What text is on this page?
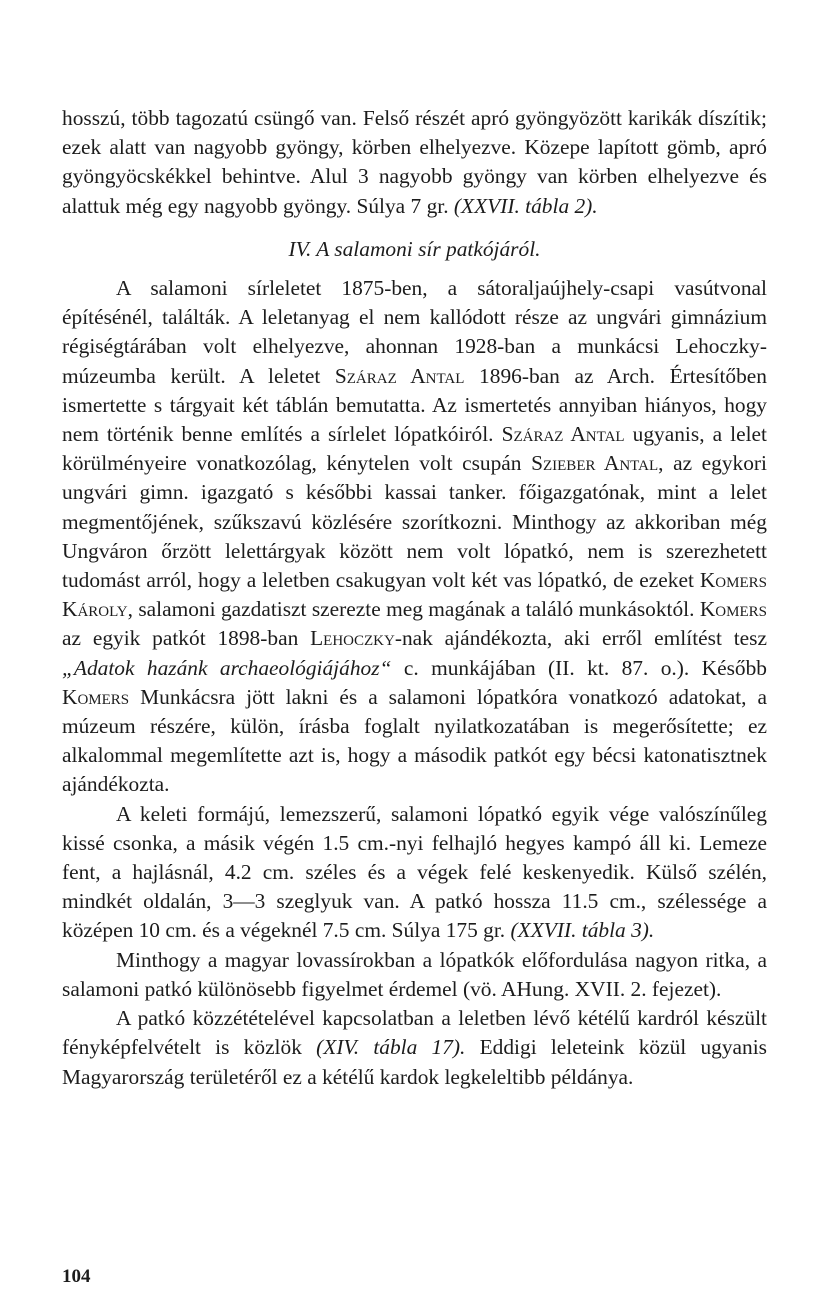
hosszú, több tagozatú csüngő van. Felső részét apró gyöngyözött karikák díszítik; ezek alatt van nagyobb gyöngy, körben elhelyezve. Közepe lapított gömb, apró gyöngyöcskékkel behintve. Alul 3 nagyobb gyöngy van körben elhelyezve és alattuk még egy nagyobb gyöngy. Súlya 7 gr. (XXVII. tábla 2).

IV. A salamoni sír patkójáról.

A salamoni sírleletet 1875-ben, a sátoraljaújhely-csapi vasútvonal építésénél, találták. A leletanyag el nem kallódott része az ungvári gimnázium régiségtárában volt elhelyezve, ahonnan 1928-ban a munkácsi Lehoczky-múzeumba került. A leletet Száraz Antal 1896-ban az Arch. Értesítőben ismertette s tárgyait két táblán bemutatta. Az ismertetés annyiban hiányos, hogy nem történik benne említés a sírlelet lópatkóiról. Száraz Antal ugyanis, a lelet körülményeire vonatkozólag, kénytelen volt csupán Szieber Antal, az egykori ungvári gimn. igazgató s későbbi kassai tanker. főigazgatónak, mint a lelet megmentőjének, szűkszavú közlésére szorítkozni. Minthogy az akkoriban még Ungváron őrzött lelettárgyak között nem volt lópatkó, nem is szerezhetett tudomást arról, hogy a leletben csakugyan volt két vas lópatkó, de ezeket Komers Károly, salamoni gazdatiszt szerezte meg magának a találó munkásoktól. Komers az egyik patkót 1898-ban Lehoczky-nak ajándékozta, aki erről említést tesz „Adatok hazánk archaeológiájához“ c. munkájában (II. kt. 87. o.). Később Komers Munkácsra jött lakni és a salamoni lópatkóra vonatkozó adatokat, a múzeum részére, külön, írásba foglalt nyilatkozatában is megerősítette; ez alkalommal megemlítette azt is, hogy a második patkót egy bécsi katonatisztnek ajándékozta.

A keleti formájú, lemezszerű, salamoni lópatkó egyik vége valószínűleg kissé csonka, a másik végén 1.5 cm.-nyi felhajló hegyes kampó áll ki. Lemeze fent, a hajlásnál, 4.2 cm. széles és a végek felé keskenyedik. Külső szélén, mindkét oldalán, 3—3 szeglyuk van. A patkó hossza 11.5 cm., szélessége a középen 10 cm. és a végeknél 7.5 cm. Súlya 175 gr. (XXVII. tábla 3).

Minthogy a magyar lovassírokban a lópatkók előfordulása nagyon ritka, a salamoni patkó különösebb figyelmet érdemel (vö. AHung. XVII. 2. fejezet).

A patkó közzétételével kapcsolatban a leletben lévő kétélű kardról készült fényképfelvételt is közlök (XIV. tábla 17). Eddigi leleteink közül ugyanis Magyarország területéről ez a kétélű kardok legkeleltibb példánya.

104
